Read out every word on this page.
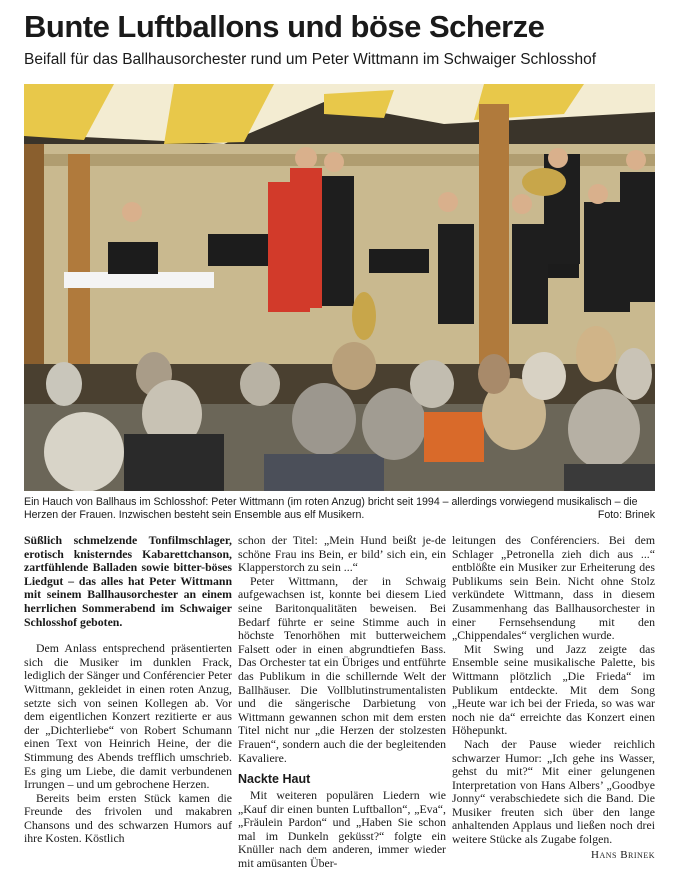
Bunte Luftballons und böse Scherze
Beifall für das Ballhausorchester rund um Peter Wittmann im Schwaiger Schlosshof
Ein Hauch von Ballhaus im Schlosshof: Peter Wittmann (im roten Anzug) bricht seit 1994 – allerdings vorwiegend musikalisch – die Herzen der Frauen. Inzwischen besteht sein Ensemble aus elf Musikern.	Foto: Brinek

Süßlich schmelzende Tonfilmschlager, erotisch knisterndes Kabarettchanson, zartfühlende Balladen sowie bitter-böses Liedgut – das alles hat Peter Wittmann mit seinem Ballhausorchester an einem herrlichen Sommerabend im Schwaiger Schlosshof geboten.

Dem Anlass entsprechend präsentierten sich die Musiker im dunklen Frack, lediglich der Sänger und Conférencier Peter Wittmann, gekleidet in einen roten Anzug, setzte sich von seinen Kollegen ab. Vor dem eigentlichen Konzert rezitierte er aus der „Dichterliebe“ von Robert Schumann einen Text von Heinrich Heine, der die Stimmung des Abends trefflich umschrieb. Es ging um Liebe, die damit verbundenen Irrungen – und um gebrochene Herzen.

Bereits beim ersten Stück kamen die Freunde des frivolen und makabren Chansons und des schwarzen Humors auf ihre Kosten. Köstlich

schon der Titel: „Mein Hund beißt je-de schöne Frau ins Bein, er bild’ sich ein, ein Klapperstorch zu sein ...“

Peter Wittmann, der in Schwaig aufgewachsen ist, konnte bei diesem Lied seine Baritonqualitäten beweisen. Bei Bedarf führte er seine Stimme auch in höchste Tenorhöhen mit butterweichem Falsett oder in einen abgrundtiefen Bass. Das Orchester tat ein Übriges und entführte das Publikum in die schillernde Welt der Ballhäuser. Die Vollblutinstrumentalisten und die sängerische Darbietung von Wittmann gewannen schon mit dem ersten Titel nicht nur „die Herzen der stolzesten Frauen“, sondern auch die der begleitenden Kavaliere.

Nackte Haut

Mit weiteren populären Liedern wie „Kauf dir einen bunten Luftballon“, „Eva“, „Fräulein Pardon“ und „Haben Sie schon mal im Dunkeln geküsst?“ folgte ein Knüller nach dem anderen, immer wieder mit amüsanten Über-

leitungen des Conférenciers. Bei dem Schlager „Petronella zieh dich aus ...“ entblößte ein Musiker zur Erheiterung des Publikums sein Bein. Nicht ohne Stolz verkündete Wittmann, dass in diesem Zusammenhang das Ballhausorchester in einer Fernsehsendung mit den „Chippendales“ verglichen wurde.

Mit Swing und Jazz zeigte das Ensemble seine musikalische Palette, bis Wittmann plötzlich „Die Frieda“ im Publikum entdeckte. Mit dem Song „Heute war ich bei der Frieda, so was war noch nie da“ erreichte das Konzert einen Höhepunkt.

Nach der Pause wieder reichlich schwarzer Humor: „Ich gehe ins Wasser, gehst du mit?“ Mit einer gelungenen Interpretation von Hans Albers’ „Goodbye Jonny“ verabschiedete sich die Band. Die Musiker freuten sich über den lange anhaltenden Applaus und ließen noch drei weitere Stücke als Zugabe folgen.

Hans Brinek
